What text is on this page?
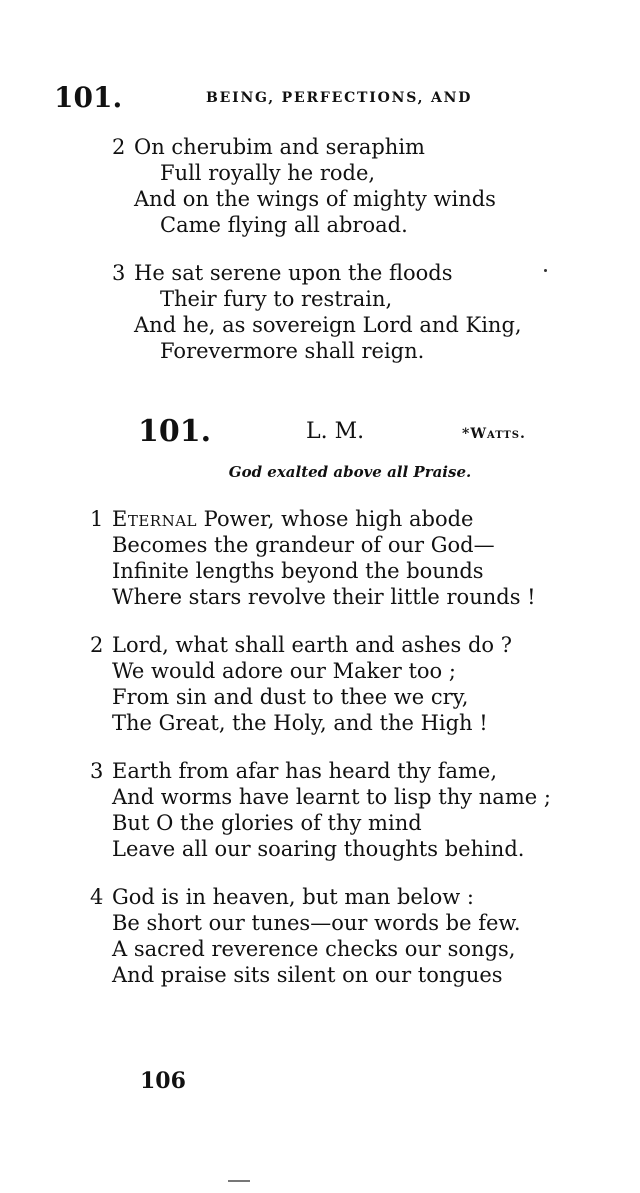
101.	BEING, PERFECTIONS, AND
2 On cherubim and seraphim
Full royally he rode,
And on the wings of mighty winds
Came flying all abroad.
3 He sat serene upon the floods
Their fury to restrain,
And he, as sovereign Lord and King,
Forevermore shall reign.
101.	L. M.	*Watts.
God exalted above all Praise.
1 Eternal Power, whose high abode
Becomes the grandeur of our God—
Infinite lengths beyond the bounds
Where stars revolve their little rounds !
2 Lord, what shall earth and ashes do ?
We would adore our Maker too ;
From sin and dust to thee we cry,
The Great, the Holy, and the High !
3 Earth from afar has heard thy fame,
And worms have learnt to lisp thy name ;
But O the glories of thy mind
Leave all our soaring thoughts behind.
4 God is in heaven, but man below :
Be short our tunes—our words be few.
A sacred reverence checks our songs,
And praise sits silent on our tongues
106
